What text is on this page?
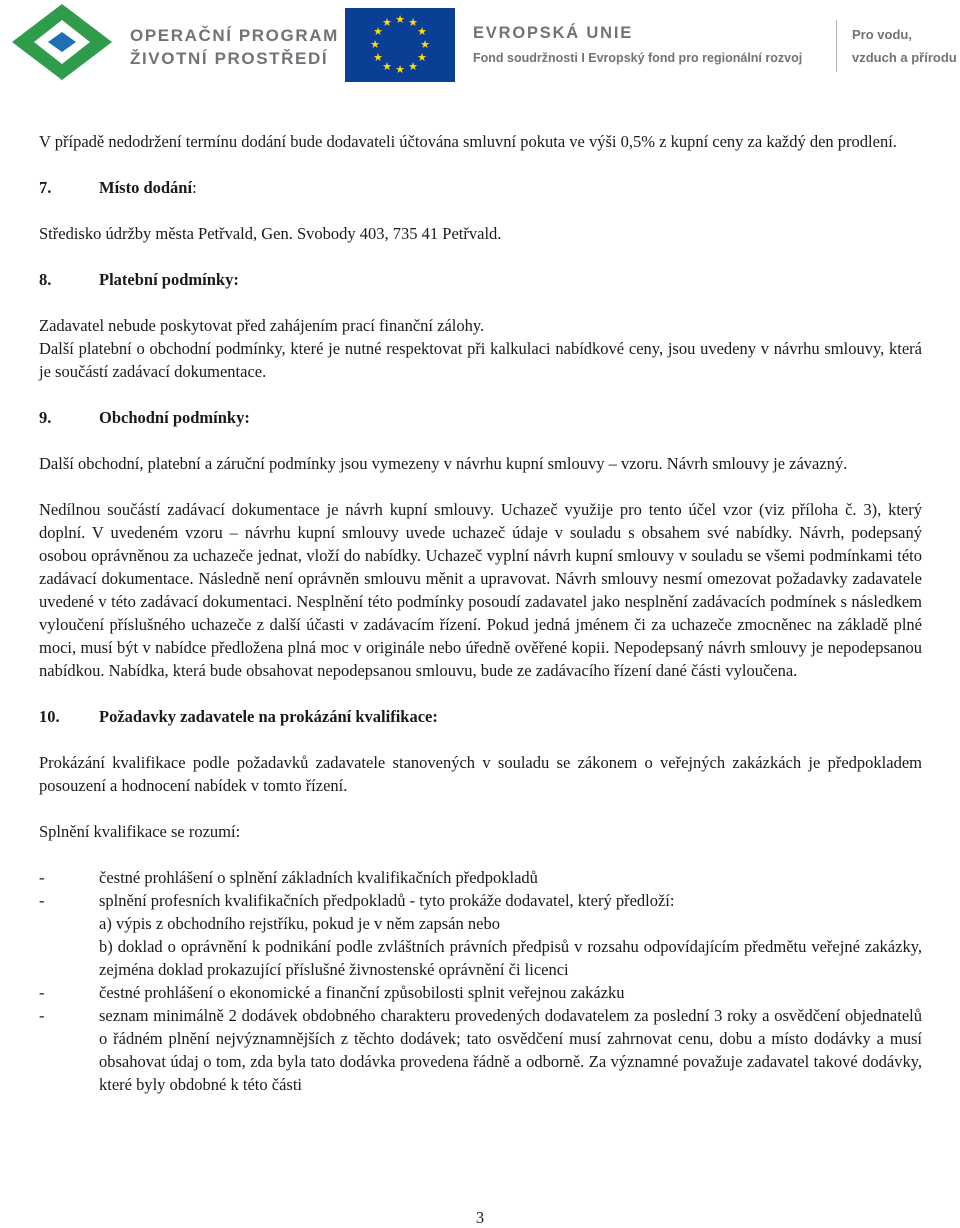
OPERAČNÍ PROGRAM
ŽIVOTNÍ PROSTŘEDÍ
★ ★
★
★
★
★
★
★
★
★
★
★
EVROPSKÁ UNIE
Fond soudržnosti I Evropský fond pro regionální rozvoj
Pro vodu,
vzduch a přírodu

V případě nedodržení termínu dodání bude dodavateli účtována smluvní pokuta ve výši 0,5% z kupní ceny za každý den prodlení.

7.	Místo dodání:

Středisko údržby města Petřvald, Gen. Svobody 403, 735 41 Petřvald.

8.	Platební podmínky:

Zadavatel nebude poskytovat před zahájením prací finanční zálohy.

Další platební o obchodní podmínky, které je nutné respektovat při kalkulaci nabídkové ceny, jsou uvedeny v návrhu smlouvy, která je součástí zadávací dokumentace.

9.	Obchodní podmínky:

Další obchodní, platební a záruční podmínky jsou vymezeny v návrhu kupní smlouvy – vzoru. Návrh smlouvy je závazný.

Nedílnou součástí zadávací dokumentace je návrh kupní smlouvy. Uchazeč využije pro tento účel vzor (viz příloha č. 3), který doplní. V uvedeném vzoru – návrhu kupní smlouvy uvede uchazeč údaje v souladu s obsahem své nabídky. Návrh, podepsaný osobou oprávněnou za uchazeče jednat, vloží do nabídky. Uchazeč vyplní návrh kupní smlouvy v souladu se všemi podmínkami této zadávací dokumentace. Následně není oprávněn smlouvu měnit a upravovat. Návrh smlouvy nesmí omezovat požadavky zadavatele uvedené v této zadávací dokumentaci. Nesplnění této podmínky posoudí zadavatel jako nesplnění zadávacích podmínek s následkem vyloučení příslušného uchazeče z další účasti v zadávacím řízení. Pokud jedná jménem či za uchazeče zmocněnec na základě plné moci, musí být v nabídce předložena plná moc v originále nebo úředně ověřené kopii. Nepodepsaný návrh smlouvy je nepodepsanou nabídkou. Nabídka, která bude obsahovat nepodepsanou smlouvu, bude ze zadávacího řízení dané části vyloučena.

10.	Požadavky zadavatele na prokázání kvalifikace:

Prokázání kvalifikace podle požadavků zadavatele stanovených v souladu se zákonem o veřejných zakázkách je předpokladem posouzení a hodnocení nabídek v tomto řízení.

Splnění kvalifikace se rozumí:

-	čestné prohlášení o splnění základních kvalifikačních předpokladů
-	splnění profesních kvalifikačních předpokladů - tyto prokáže dodavatel, který předloží:

a) výpis z obchodního rejstříku, pokud je v něm zapsán nebo

b) doklad o oprávnění k podnikání podle zvláštních právních předpisů v rozsahu odpovídajícím předmětu veřejné zakázky, zejména doklad prokazující příslušné živnostenské oprávnění či licenci

-	čestné prohlášení o ekonomické a finanční způsobilosti splnit veřejnou zakázku
-	seznam minimálně 2 dodávek obdobného charakteru provedených dodavatelem za poslední 3 roky a osvědčení objednatelů o řádném plnění nejvýznamnějších z těchto dodávek; tato osvědčení musí zahrnovat cenu, dobu a místo dodávky a musí obsahovat údaj o tom, zda byla tato dodávka provedena řádně a odborně. Za významné považuje zadavatel takové dodávky, které byly obdobné k této části
3
